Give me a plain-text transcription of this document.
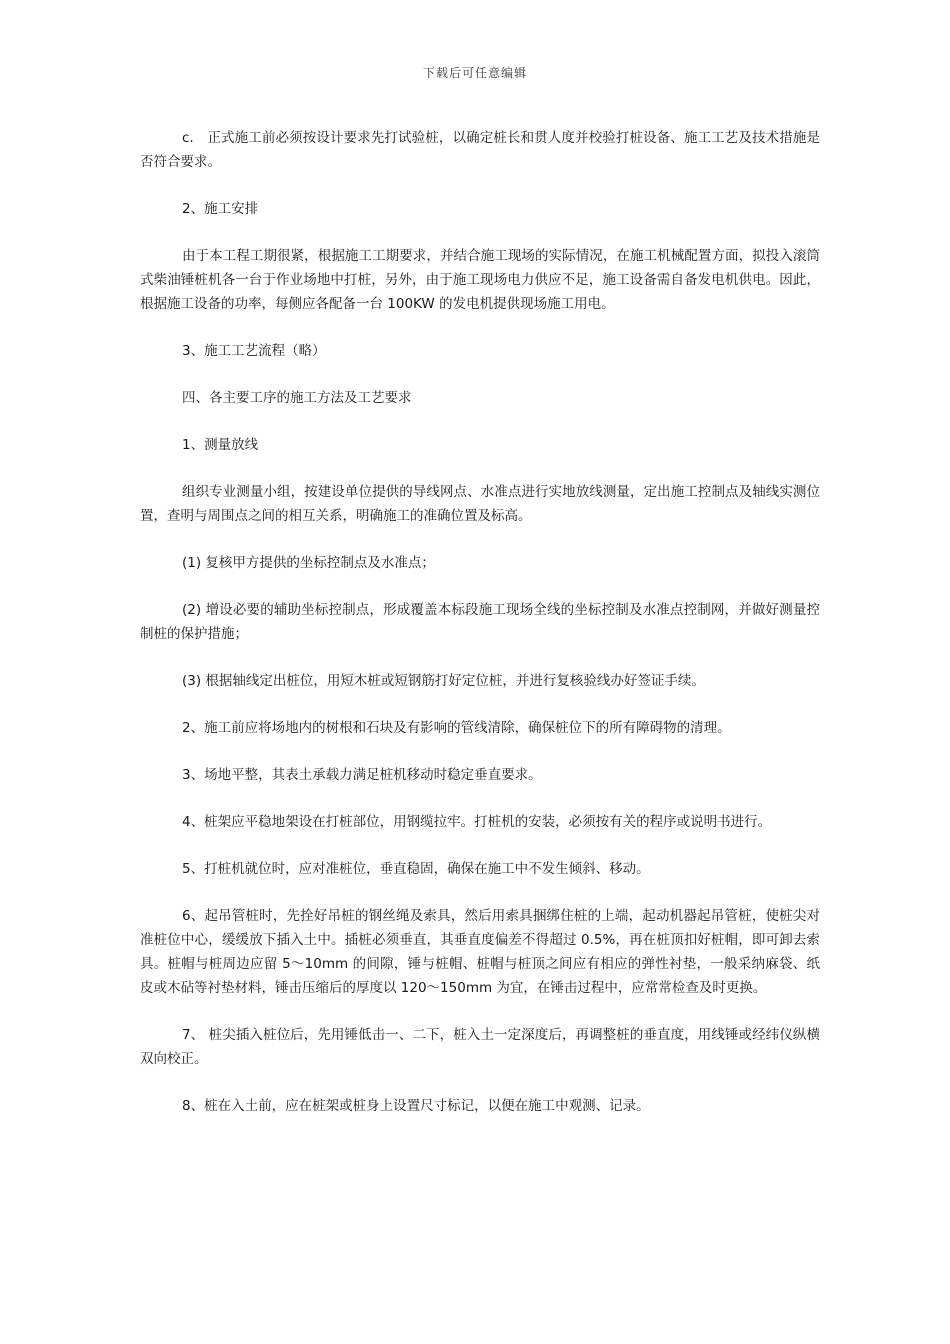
下载后可任意编辑

c.　正式施工前必须按设计要求先打试验桩，以确定桩长和贯人度并校验打桩设备、施工工艺及技术措施是否符合要求。

2、施工安排

由于本工程工期很紧，根据施工工期要求，并结合施工现场的实际情况，在施工机械配置方面，拟投入滚筒式柴油锤桩机各一台于作业场地中打桩，另外，由于施工现场电力供应不足，施工设备需自备发电机供电。因此，根据施工设备的功率，每侧应各配备一台 100KW 的发电机提供现场施工用电。

3、施工工艺流程（略）

四、各主要工序的施工方法及工艺要求

1、测量放线

组织专业测量小组，按建设单位提供的导线网点、水准点进行实地放线测量，定出施工控制点及轴线实测位置，查明与周围点之间的相互关系，明确施工的准确位置及标高。

(1) 复核甲方提供的坐标控制点及水准点；

(2) 增设必要的辅助坐标控制点，形成覆盖本标段施工现场全线的坐标控制及水准点控制网，并做好测量控制桩的保护措施；

(3) 根据轴线定出桩位，用短木桩或短钢筋打好定位桩，并进行复核验线办好签证手续。

2、施工前应将场地内的树根和石块及有影响的管线清除，确保桩位下的所有障碍物的清理。

3、场地平整，其表土承载力满足桩机移动时稳定垂直要求。

4、桩架应平稳地架设在打桩部位，用钢缆拉牢。打桩机的安装，必须按有关的程序或说明书进行。

5、打桩机就位时，应对准桩位，垂直稳固，确保在施工中不发生倾斜、移动。

6、起吊管桩时，先拴好吊桩的钢丝绳及索具，然后用索具捆绑住桩的上端，起动机器起吊管桩，使桩尖对准桩位中心，缓缓放下插入土中。插桩必须垂直，其垂直度偏差不得超过 0.5%，再在桩顶扣好桩帽，即可卸去索具。桩帽与桩周边应留 5～10mm 的间隙，锤与桩帽、桩帽与桩顶之间应有相应的弹性衬垫，一般采纳麻袋、纸皮或木砧等衬垫材料，锤击压缩后的厚度以 120～150mm 为宜，在锤击过程中，应常常检查及时更换。

7、 桩尖插入桩位后，先用锤低击一、二下，桩入土一定深度后，再调整桩的垂直度，用线锤或经纬仪纵横双向校正。

8、桩在入土前，应在桩架或桩身上设置尺寸标记，以便在施工中观测、记录。
